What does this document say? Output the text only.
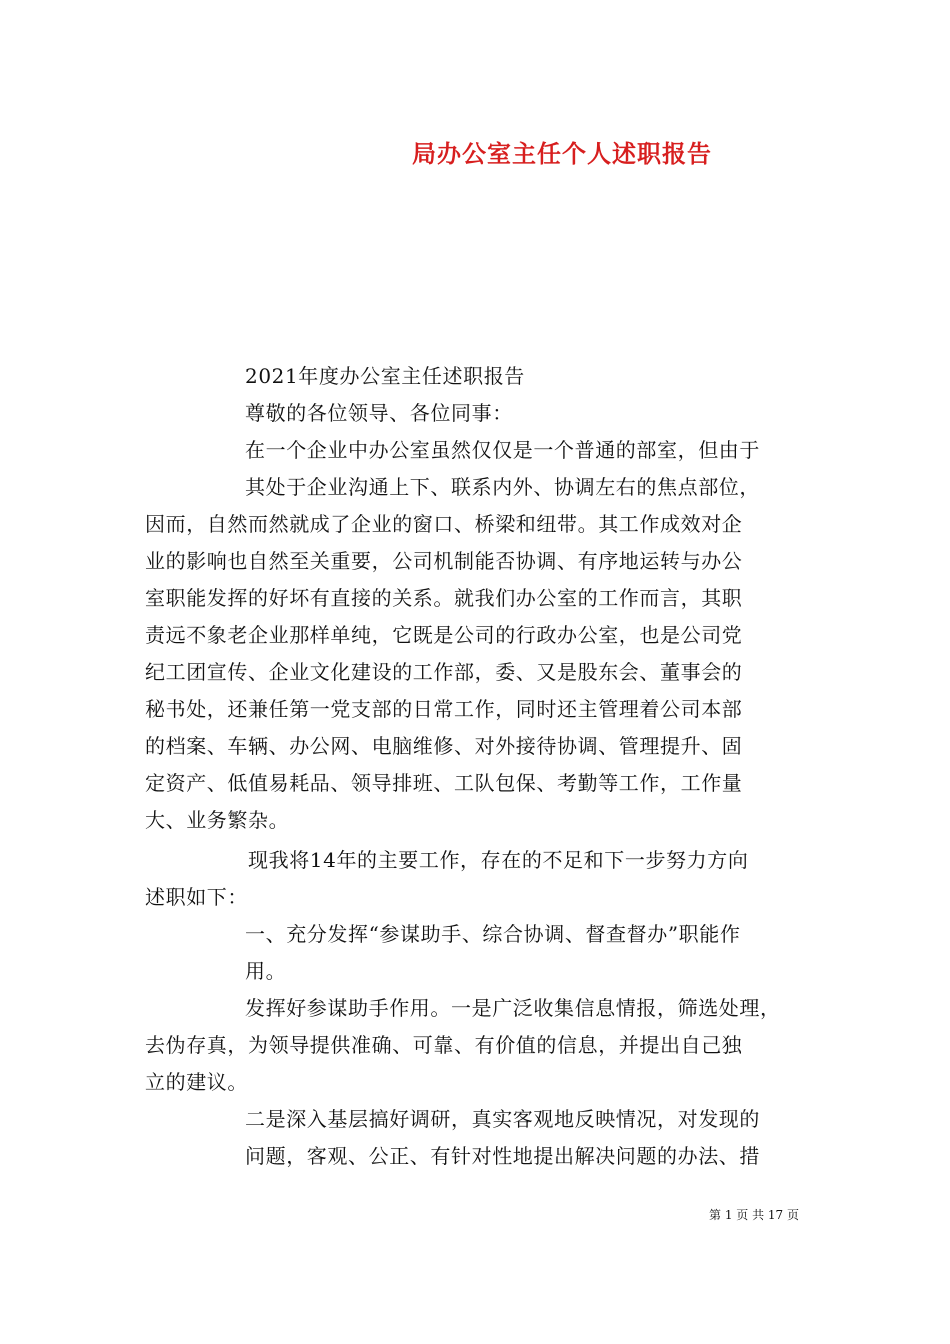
局办公室主任个人述职报告
2021年度办公室主任述职报告
尊敬的各位领导、各位同事：
在一个企业中办公室虽然仅仅是一个普通的部室，但由于
其处于企业沟通上下、联系内外、协调左右的焦点部位，
因而，自然而然就成了企业的窗口、桥梁和纽带。其工作成效对企
业的影响也自然至关重要，公司机制能否协调、有序地运转与办公
室职能发挥的好坏有直接的关系。就我们办公室的工作而言，其职
责远不象老企业那样单纯，它既是公司的行政办公室，也是公司党
纪工团宣传、企业文化建设的工作部，委、又是股东会、董事会的
秘书处，还兼任第一党支部的日常工作，同时还主管理着公司本部
的档案、车辆、办公网、电脑维修、对外接待协调、管理提升、固
定资产、低值易耗品、领导排班、工队包保、考勤等工作，工作量
大、业务繁杂。
现我将14年的主要工作，存在的不足和下一步努力方向
述职如下：
一、充分发挥“参谋助手、综合协调、督查督办”职能作
用。
发挥好参谋助手作用。一是广泛收集信息情报，筛选处理，
去伪存真，为领导提供准确、可靠、有价值的信息，并提出自己独
立的建议。
二是深入基层搞好调研，真实客观地反映情况，对发现的
问题，客观、公正、有针对性地提出解决问题的办法、措
第 1 页 共 17 页
